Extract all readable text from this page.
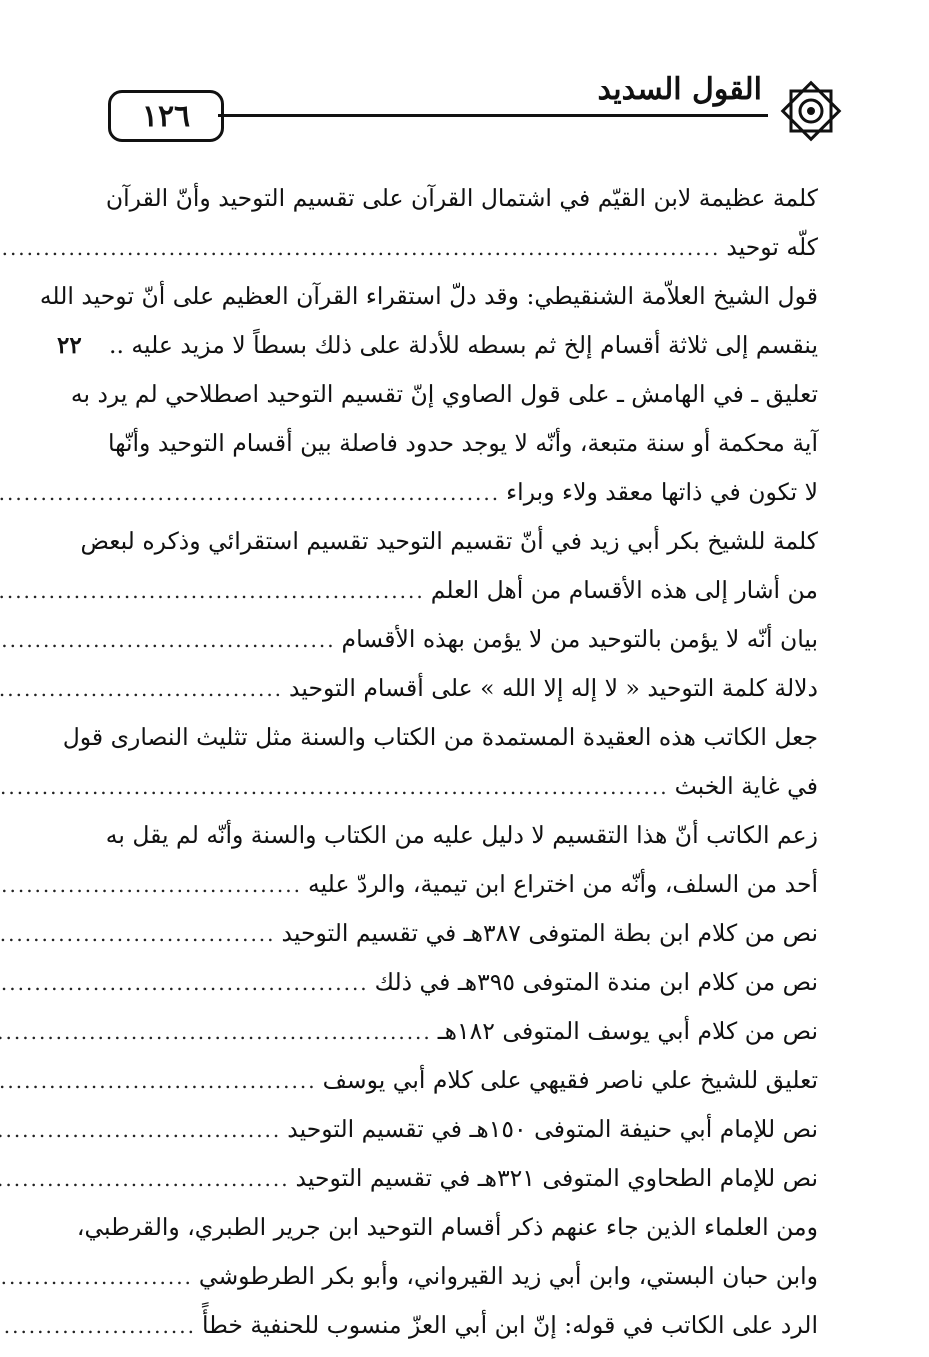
١٢٦
القول السديد
كلمة عظيمة لابن القيّم في اشتمال القرآن على تقسيم التوحيد وأنّ القرآن
كلّه توحيد
.....
قول الشيخ العلاّمة الشنقيطي: وقد دلّ استقراء القرآن العظيم على أنّ توحيد الله
ينقسم إلى ثلاثة أقسام إلخ ثم بسطه للأدلة على ذلك بسطاً لا مزيد عليه ..
٢٢
تعليق ـ في الهامش ـ على قول الصاوي إنّ تقسيم التوحيد اصطلاحي لم يرد به
آية محكمة أو سنة متبعة، وأنّه لا يوجد حدود فاصلة بين أقسام التوحيد وأنّها
لا تكون في ذاتها معقد ولاء وبراء
.....
كلمة للشيخ بكر أبي زيد في أنّ تقسيم التوحيد تقسيم استقرائي وذكره لبعض
من أشار إلى هذه الأقسام من أهل العلم
.....
بيان أنّه لا يؤمن بالتوحيد من لا يؤمن بهذه الأقسام
.....
دلالة كلمة التوحيد « لا إله إلا الله » على أقسام التوحيد
.....
جعل الكاتب هذه العقيدة المستمدة من الكتاب والسنة مثل تثليث النصارى قول
في غاية الخبث
.....
زعم الكاتب أنّ هذا التقسيم لا دليل عليه من الكتاب والسنة وأنّه لم يقل به
أحد من السلف، وأنّه من اختراع ابن تيمية، والردّ عليه
.....
نص من كلام ابن بطة المتوفى ٣٨٧هـ في تقسيم التوحيد
.....
نص من كلام ابن مندة المتوفى ٣٩٥هـ في ذلك
.....
نص من كلام أبي يوسف المتوفى ١٨٢هـ
.....
تعليق للشيخ علي ناصر فقيهي على كلام أبي يوسف
.....
نص للإمام أبي حنيفة المتوفى ١٥٠هـ في تقسيم التوحيد
.....
نص للإمام الطحاوي المتوفى ٣٢١هـ في تقسيم التوحيد
.....
ومن العلماء الذين جاء عنهم ذكر أقسام التوحيد ابن جرير الطبري، والقرطبي،
وابن حبان البستي، وابن أبي زيد القيرواني، وأبو بكر الطرطوشي
.....
الرد على الكاتب في قوله: إنّ ابن أبي العزّ منسوب للحنفية خطأً
.....
